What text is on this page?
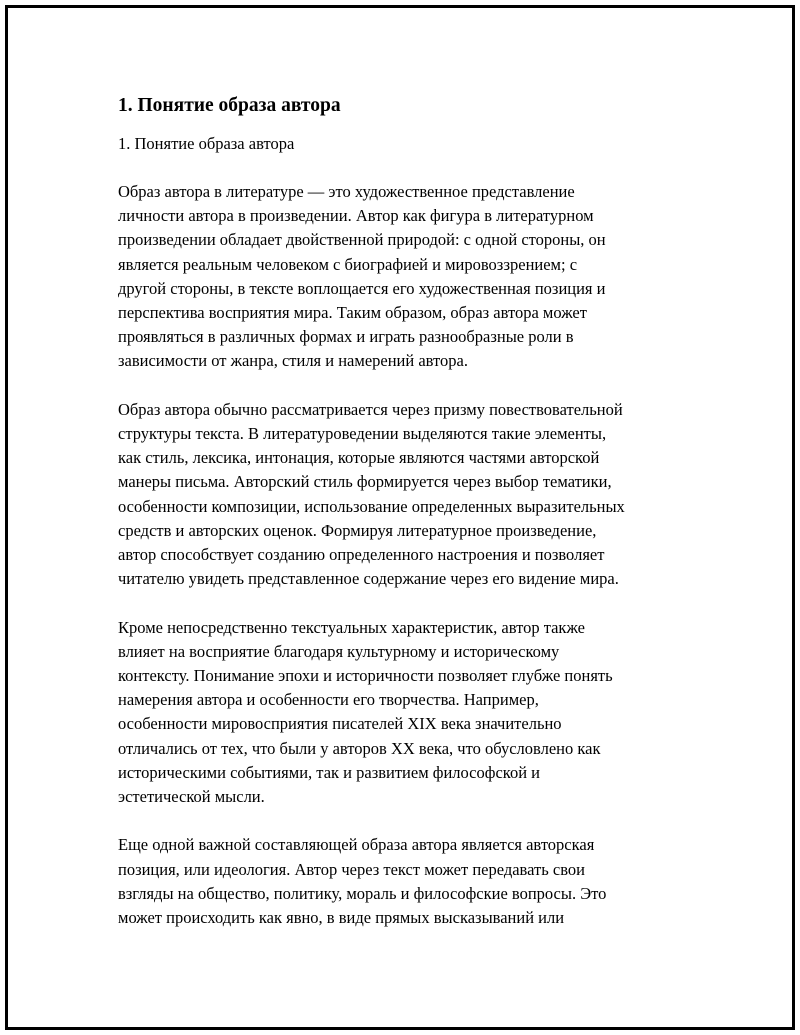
1. Понятие образа автора
1. Понятие образа автора
Образ автора в литературе — это художественное представление
личности автора в произведении. Автор как фигура в литературном
произведении обладает двойственной природой: с одной стороны, он
является реальным человеком с биографией и мировоззрением; с
другой стороны, в тексте воплощается его художественная позиция и
перспектива восприятия мира. Таким образом, образ автора может
проявляться в различных формах и играть разнообразные роли в
зависимости от жанра, стиля и намерений автора.
Образ автора обычно рассматривается через призму повествовательной
структуры текста. В литературоведении выделяются такие элементы,
как стиль, лексика, интонация, которые являются частями авторской
манеры письма. Авторский стиль формируется через выбор тематики,
особенности композиции, использование определенных выразительных
средств и авторских оценок. Формируя литературное произведение,
автор способствует созданию определенного настроения и позволяет
читателю увидеть представленное содержание через его видение мира.
Кроме непосредственно текстуальных характеристик, автор также
влияет на восприятие благодаря культурному и историческому
контексту. Понимание эпохи и историчности позволяет глубже понять
намерения автора и особенности его творчества. Например,
особенности мировосприятия писателей XIX века значительно
отличались от тех, что были у авторов XX века, что обусловлено как
историческими событиями, так и развитием философской и
эстетической мысли.
Еще одной важной составляющей образа автора является авторская
позиция, или идеология. Автор через текст может передавать свои
взгляды на общество, политику, мораль и философские вопросы. Это
может происходить как явно, в виде прямых высказываний или
